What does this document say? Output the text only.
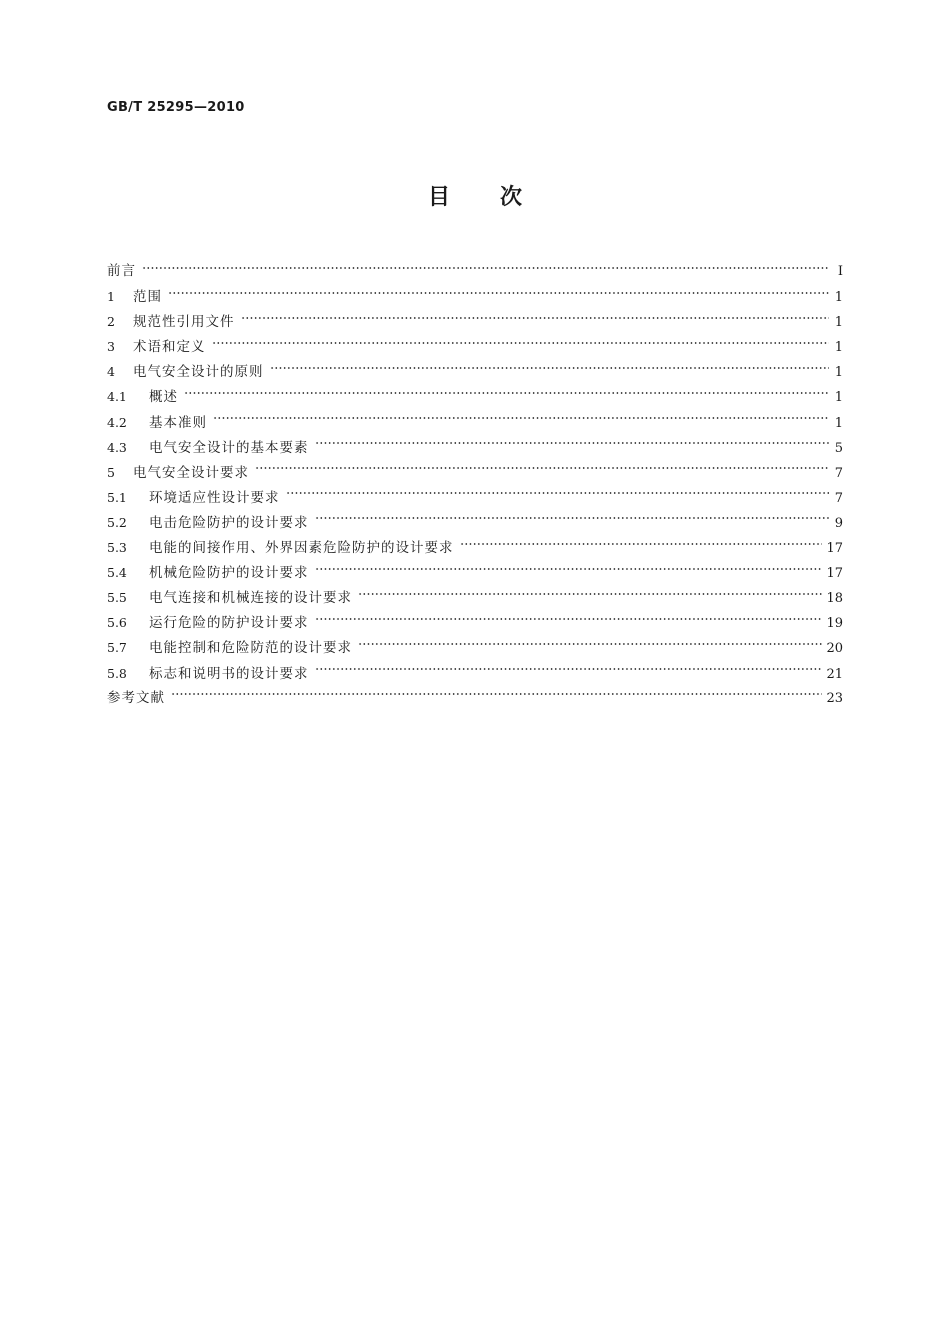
GB/T 25295—2010
目次
前言	Ⅰ
1	范围	1
2	规范性引用文件	1
3	术语和定义	1
4	电气安全设计的原则	1
4.1	概述	1
4.2	基本准则	1
4.3	电气安全设计的基本要素	5
5	电气安全设计要求	7
5.1	环境适应性设计要求	7
5.2	电击危险防护的设计要求	9
5.3	电能的间接作用、外界因素危险防护的设计要求	17
5.4	机械危险防护的设计要求	17
5.5	电气连接和机械连接的设计要求	18
5.6	运行危险的防护设计要求	19
5.7	电能控制和危险防范的设计要求	20
5.8	标志和说明书的设计要求	21
参考文献	23
